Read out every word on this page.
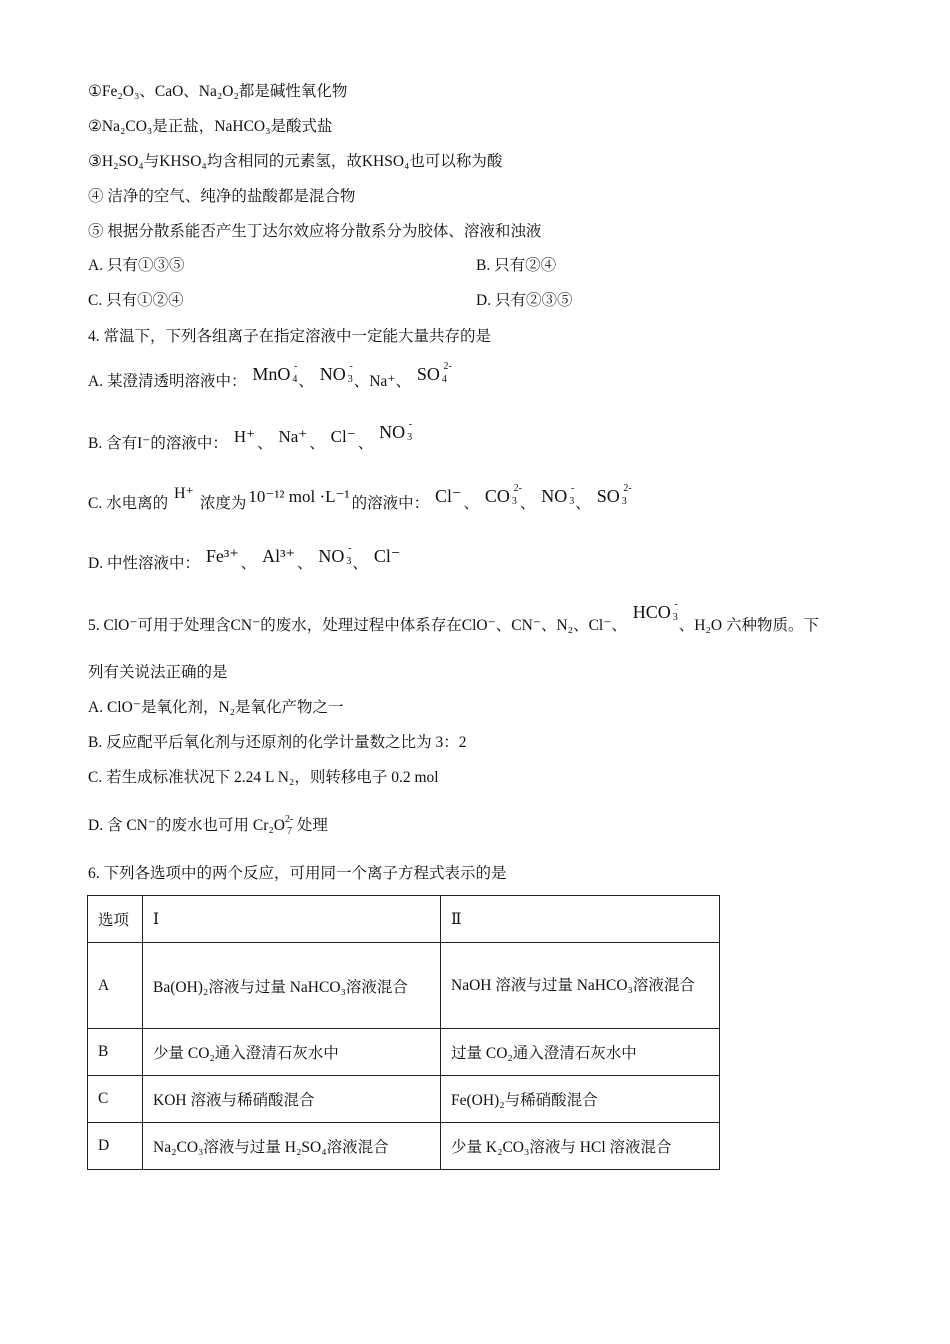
①Fe₂O₃、CaO、Na₂O₂都是碱性氧化物
②Na₂CO₃是正盐，NaHCO₃是酸式盐
③H₂SO₄与KHSO₄均含相同的元素氢，故KHSO₄也可以称为酸
④ 洁净的空气、纯净的盐酸都是混合物
⑤ 根据分散系能否产生丁达尔效应将分散系分为胶体、溶液和浊液
A. 只有①③⑤	B. 只有②④
C. 只有①②④	D. 只有②③⑤
4. 常温下，下列各组离子在指定溶液中一定能大量共存的是
A. 某澄清透明溶液中： MnO -
4 、 NO -
3 、Na⁺、 SO 2-
4
B. 含有I⁻的溶液中： H⁺ 、 Na⁺ 、 Cl⁻ 、 NO -
3
C. 水电离的 H⁺ 浓度为 10⁻¹² mol ·L⁻¹ 的溶液中： Cl⁻ 、 CO 2-
3 、 NO -
3 、 SO 2-
3
D. 中性溶液中： Fe³⁺ 、 Al³⁺ 、 NO -
3 、 Cl⁻
5. ClO⁻可用于处理含CN⁻的废水，处理过程中体系存在ClO⁻、CN⁻、N₂、Cl⁻、 HCO -
3 、H₂O 六种物质。下
列有关说法正确的是
A. ClO⁻是氧化剂，N₂是氧化产物之一
B. 反应配平后氧化剂与还原剂的化学计量数之比为 3：2
C. 若生成标准状况下 2.24 L N₂，则转移电子 0.2 mol
D. 含 CN⁻的废水也可用 Cr₂O 2-
7 处理
6. 下列各选项中的两个反应，可用同一个离子方程式表示的是
选项	Ⅰ	Ⅱ
A	Ba(OH)₂溶液与过量 NaHCO₃溶液混合	NaOH 溶液与过量 NaHCO₃溶液混合
B	少量 CO₂通入澄清石灰水中	过量 CO₂通入澄清石灰水中
C	KOH 溶液与稀硝酸混合	Fe(OH)₂与稀硝酸混合
D	Na₂CO₃溶液与过量 H₂SO₄溶液混合	少量 K₂CO₃溶液与 HCl 溶液混合
